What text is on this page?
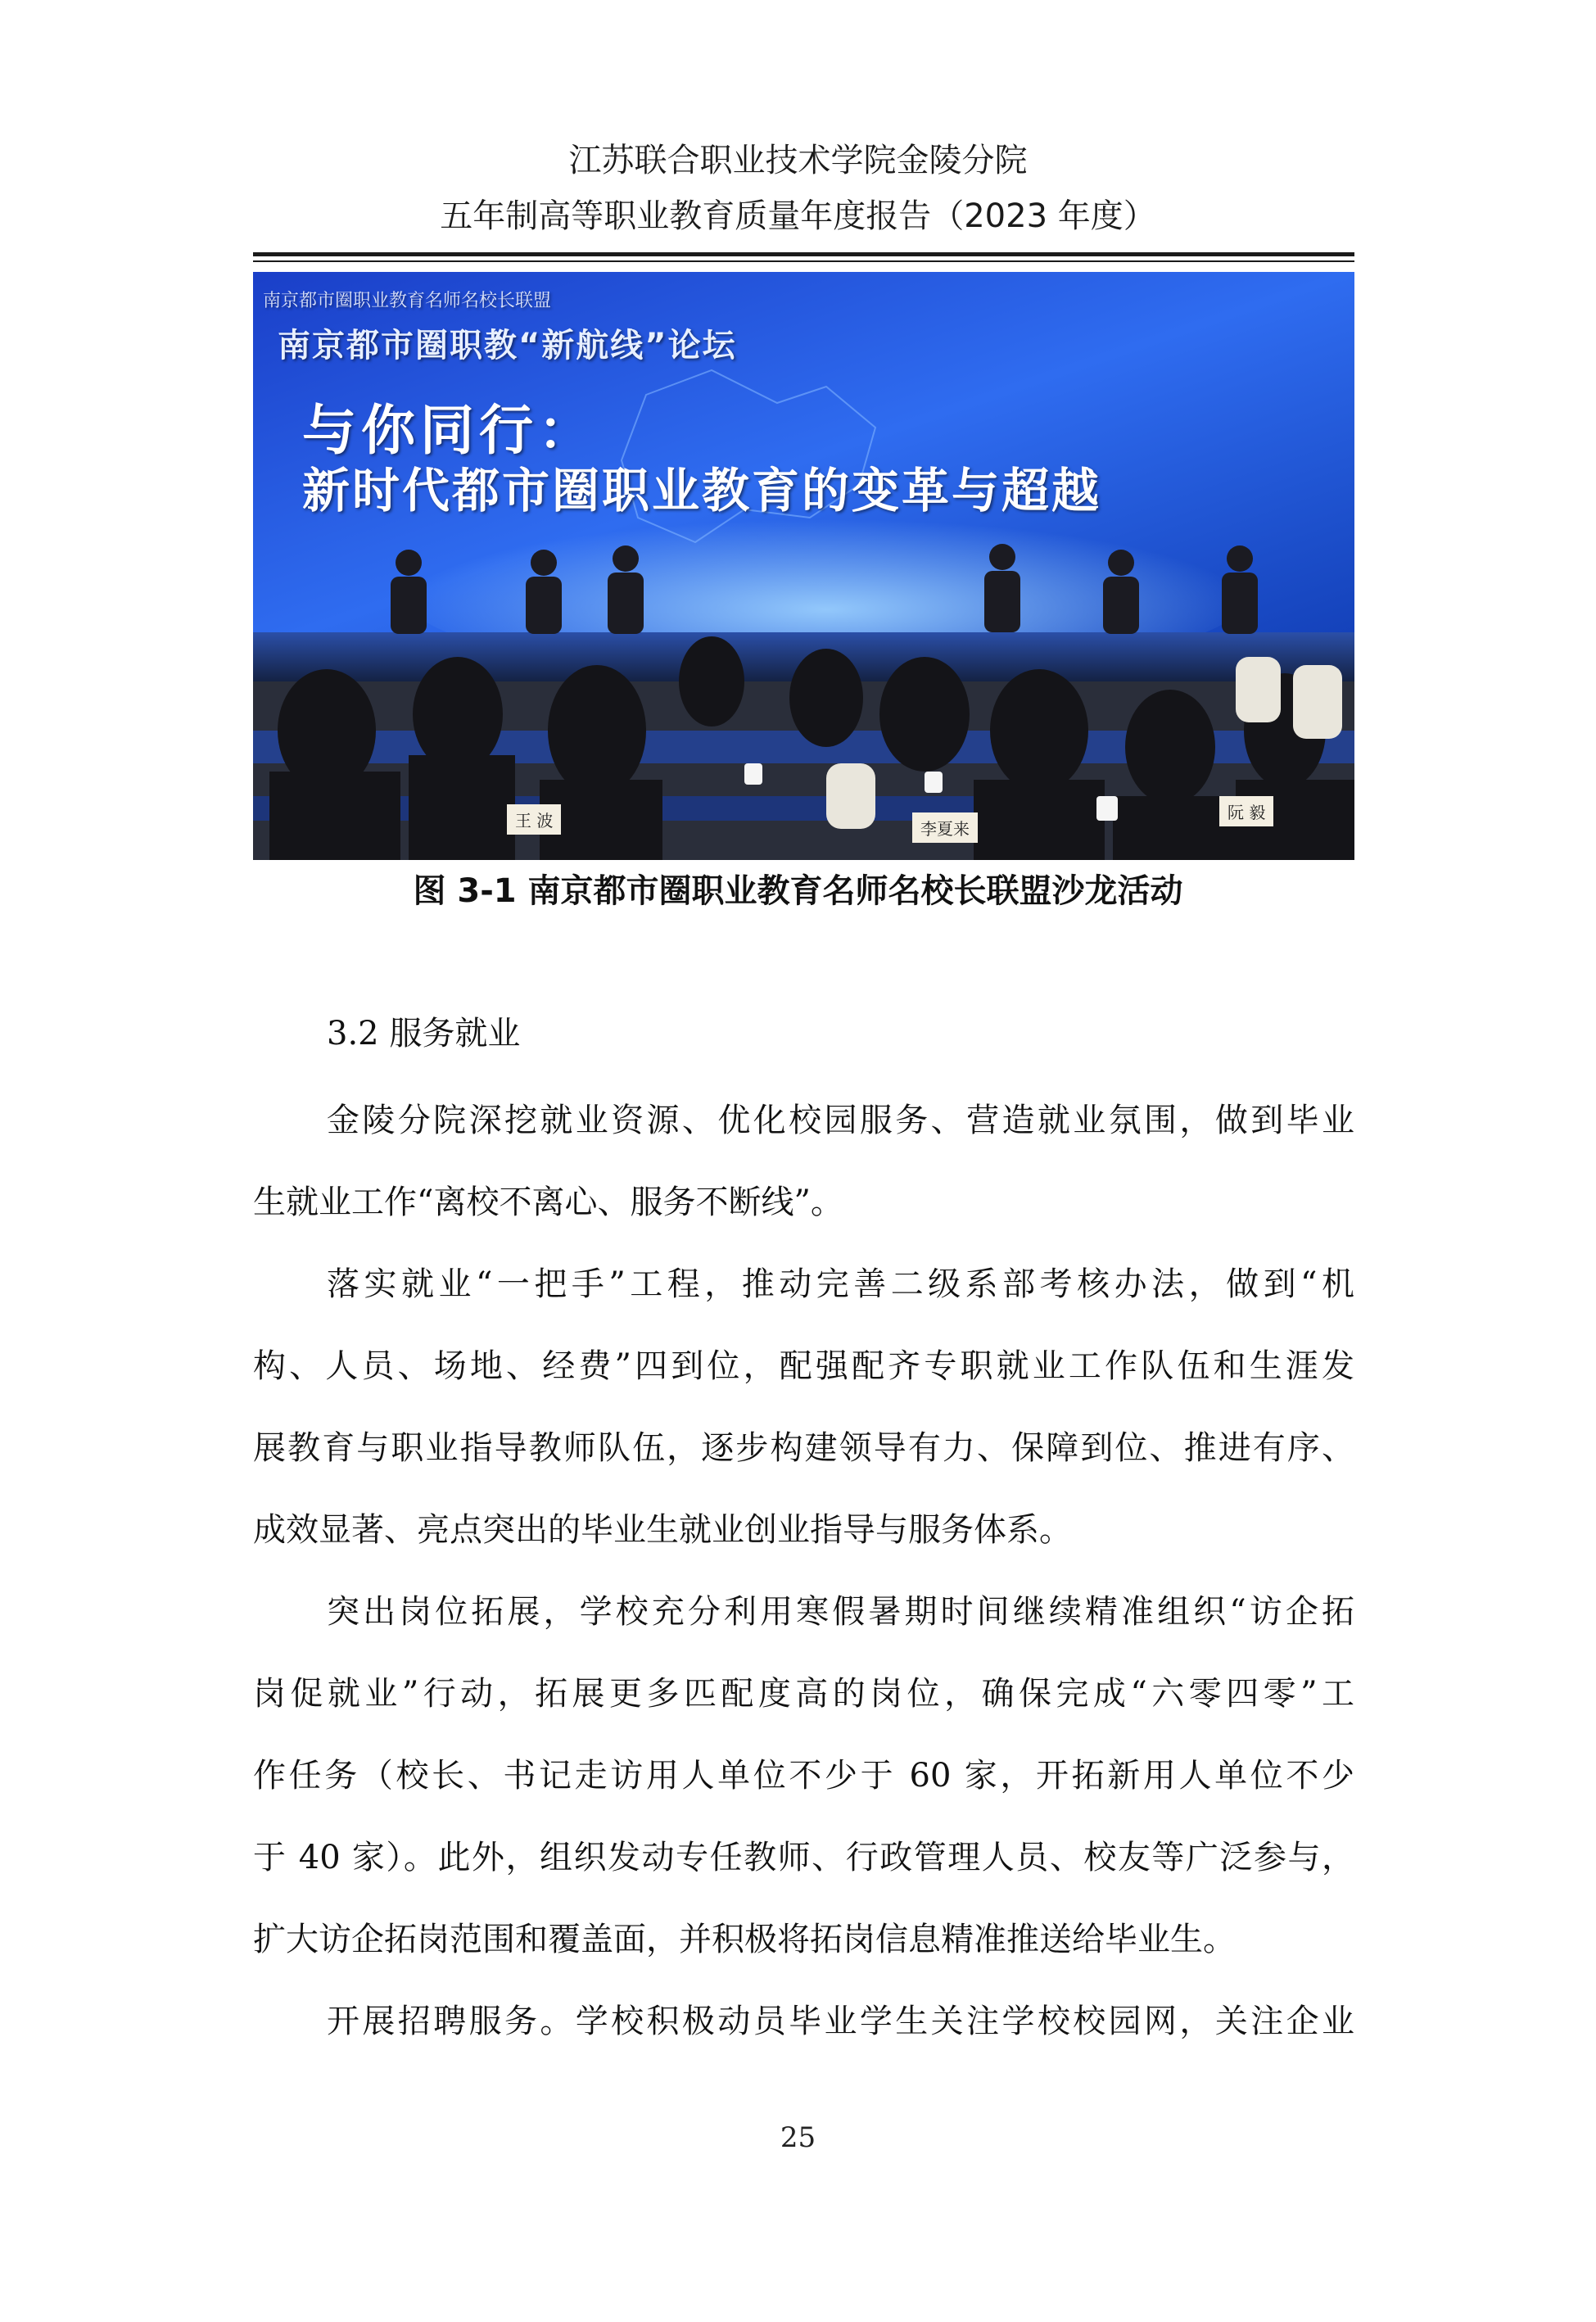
江苏联合职业技术学院金陵分院
五年制高等职业教育质量年度报告（2023 年度）
南京都市圈职业教育名师名校长联盟
南京都市圈职教“新航线”论坛
与你同行：
新时代都市圈职业教育的变革与超越
王 波	李夏来
阮 毅
图 3-1 南京都市圈职业教育名师名校长联盟沙龙活动
3.2 服务就业
金陵分院深挖就业资源、优化校园服务、营造就业氛围，做到毕业
生就业工作“离校不离心、服务不断线”。
落实就业“一把手”工程，推动完善二级系部考核办法，做到“机
构、人员、场地、经费”四到位，配强配齐专职就业工作队伍和生涯发
展教育与职业指导教师队伍，逐步构建领导有力、保障到位、推进有序、
成效显著、亮点突出的毕业生就业创业指导与服务体系。
突出岗位拓展，学校充分利用寒假暑期时间继续精准组织“访企拓
岗促就业”行动，拓展更多匹配度高的岗位，确保完成“六零四零”工
作任务（校长、书记走访用人单位不少于 60 家，开拓新用人单位不少
于 40 家）。此外，组织发动专任教师、行政管理人员、校友等广泛参与，
扩大访企拓岗范围和覆盖面，并积极将拓岗信息精准推送给毕业生。
开展招聘服务。学校积极动员毕业学生关注学校校园网，关注企业
25
